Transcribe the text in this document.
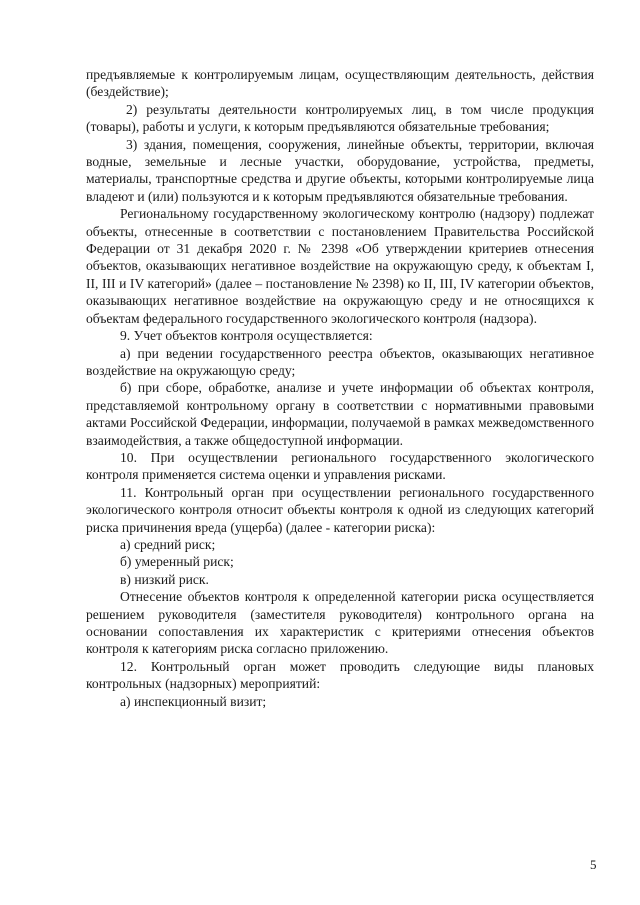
предъявляемые к контролируемым лицам, осуществляющим деятельность, действия (бездействие);

2) результаты деятельности контролируемых лиц, в том числе продукция (товары), работы и услуги, к которым предъявляются обязательные требования;

3) здания, помещения, сооружения, линейные объекты, территории, включая водные, земельные и лесные участки, оборудование, устройства, предметы, материалы, транспортные средства и другие объекты, которыми контролируемые лица владеют и (или) пользуются и к которым предъявляются обязательные требования.

Региональному государственному экологическому контролю (надзору) подлежат объекты, отнесенные в соответствии с постановлением Правительства Российской Федерации от 31 декабря 2020 г. № 2398 «Об утверждении критериев отнесения объектов, оказывающих негативное воздействие на окружающую среду, к объектам I, II, III и IV категорий» (далее – постановление № 2398) ко II, III, IV категории объектов, оказывающих негативное воздействие на окружающую среду и не относящихся к объектам федерального государственного экологического контроля (надзора).

9. Учет объектов контроля осуществляется:

а) при ведении государственного реестра объектов, оказывающих негативное воздействие на окружающую среду;

б) при сборе, обработке, анализе и учете информации об объектах контроля, представляемой контрольному органу в соответствии с нормативными правовыми актами Российской Федерации, информации, получаемой в рамках межведомственного взаимодействия, а также общедоступной информации.

10. При осуществлении регионального государственного экологического контроля применяется система оценки и управления рисками.

11. Контрольный орган при осуществлении регионального государственного экологического контроля относит объекты контроля к одной из следующих категорий риска причинения вреда (ущерба) (далее - категории риска):

а) средний риск;

б) умеренный риск;

в) низкий риск.

Отнесение объектов контроля к определенной категории риска осуществляется решением руководителя (заместителя руководителя) контрольного органа на основании сопоставления их характеристик с критериями отнесения объектов контроля к категориям риска согласно приложению.

12. Контрольный орган может проводить следующие виды плановых контрольных (надзорных) мероприятий:

а) инспекционный визит;

5
